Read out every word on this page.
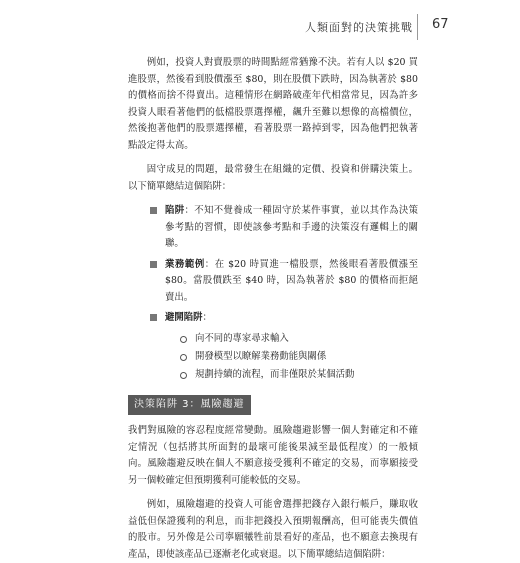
人類面對的決策挑戰 67

例如，投資人對賣股票的時間點經常猶豫不決。若有人以 $20 買進股票，然後看到股價漲至 $80，則在股價下跌時，因為執著於 $80 的價格而捨不得賣出。這種情形在網路破產年代相當常見，因為許多投資人眼看著他們的低檔股票選擇權，飆升至難以想像的高檔價位，然後抱著他們的股票選擇權，看著股票一路掉到零，因為他們把執著點設定得太高。

固守成見的問題，最常發生在組織的定價、投資和併購決策上。以下簡單總結這個陷阱：

陷阱：不知不覺養成一種固守於某件事實，並以其作為決策參考點的習慣，即使該參考點和手邊的決策沒有邏輯上的關聯。
業務範例：在 $20 時買進一檔股票，然後眼看著股價漲至 $80。當股價跌至 $40 時，因為執著於 $80 的價格而拒絕賣出。
避開陷阱：
向不同的專家尋求輸入
開發模型以瞭解業務動能與關係
規劃持續的流程，而非僅限於某個活動
決策陷阱 3：風險趨避

我們對風險的容忍程度經常變動。風險趨避影響一個人對確定和不確定情況（包括將其所面對的最壞可能後果減至最低程度）的一般傾向。風險趨避反映在個人不願意接受獲利不確定的交易，而寧願接受另一個較確定但預期獲利可能較低的交易。

例如，風險趨避的投資人可能會選擇把錢存入銀行帳戶，賺取收益低但保證獲利的利息，而非把錢投入預期報酬高，但可能喪失價值的股市。另外像是公司寧願犧牲前景看好的產品，也不願意去換現有產品，即使該產品已逐漸老化或衰退。以下簡單總結這個陷阱：
